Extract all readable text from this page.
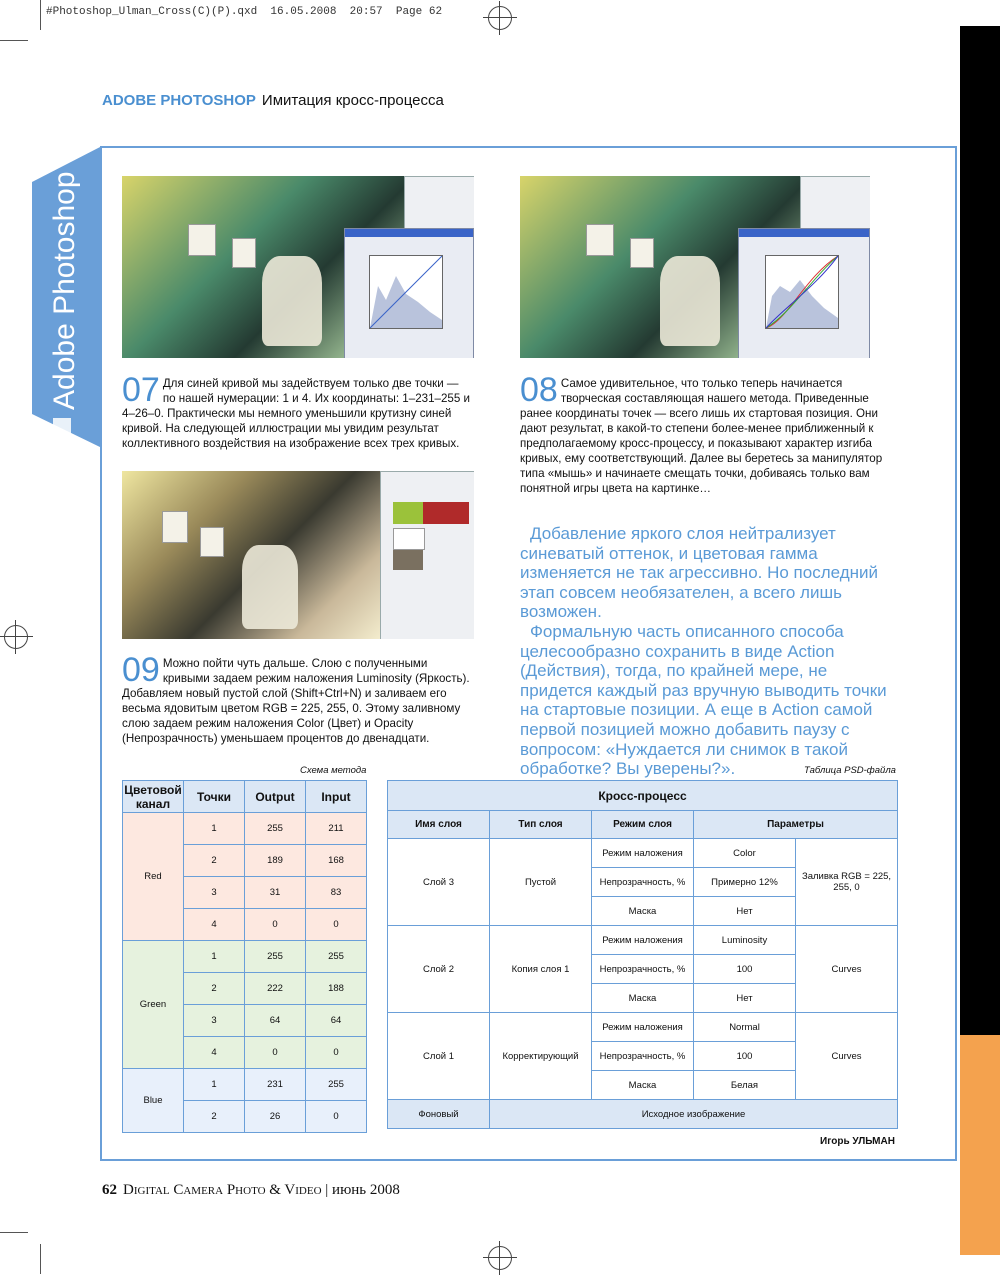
#Photoshop_Ulman_Cross(C)(P).qxd  16.05.2008  20:57  Page 62
ADOBE PHOTOSHOP Имитация кросс-процесса
Adobe Photoshop 07 Для синей кривой мы задействуем только две точки — по нашей нумерации: 1 и 4. Их координаты: 1–231–255 и 4–26–0. Практически мы немного уменьшили крутизну синей кривой. На следующей иллюстрации мы увидим результат коллективного воздействия на изображение всех трех кривых.
08 Самое удивительное, что только теперь начинается творческая составляющая нашего метода. Приведенные ранее координаты точек — всего лишь их стартовая позиция. Они дают результат, в какой-то степени более-менее приближенный к предполагаемому кросс-процессу, и показывают характер изгиба кривых, ему соответствующий. Далее вы беретесь за манипулятор типа «мышь» и начинаете смещать точки, добиваясь только вам понятной игры цвета на картинке…
09 Можно пойти чуть дальше. Слою с полученными кривыми задаем режим наложения Luminosity (Яркость). Добавляем новый пустой слой (Shift+Ctrl+N) и заливаем его весьма ядовитым цветом RGB = 225, 255, 0. Этому заливному слою задаем режим наложения Color (Цвет) и Opacity (Непрозрачность) уменьшаем процентов до двенадцати.

Добавление яркого слоя нейтрализует синеватый оттенок, и цветовая гамма изменяется не так агрессивно. Но последний этап совсем необязателен, а всего лишь возможен.

Формальную часть описанного способа целесообразно сохранить в виде Action (Действия), тогда, по крайней мере, не придется каждый раз вручную выводить точки на стартовые позиции. А еще в Action самой первой позицией можно добавить паузу с вопросом: «Нуждается ли снимок в такой обработке? Вы уверены?».

Схема метода	Таблица PSD-файла
Цветовой канал	Точки	Output	Input
Red	1	255	211
	2	189	168
	3	31	83
	4	0	0
Green	1	255	255
	2	222	188
	3	64	64
	4	0	0
Blue	1	231	255
	2	26	0
Кросс-процесс				
Имя слоя	Тип слоя	Режим слоя	Параметры	
Слой 3	Пустой	Режим наложения	Color	Заливка RGB = 225, 255, 0
		Непрозрачность, %	Примерно 12%	
		Маска	Нет	
Слой 2	Копия слоя 1	Режим наложения	Luminosity	Curves
		Непрозрачность, %	100	
		Маска	Нет	
Слой 1	Корректирующий	Режим наложения	Normal	Curves
		Непрозрачность, %	100	
		Маска	Белая	
Фоновый	Исходное изображение			
Игорь УЛЬМАН
62 Digital Camera Photo & Video | июнь 2008
